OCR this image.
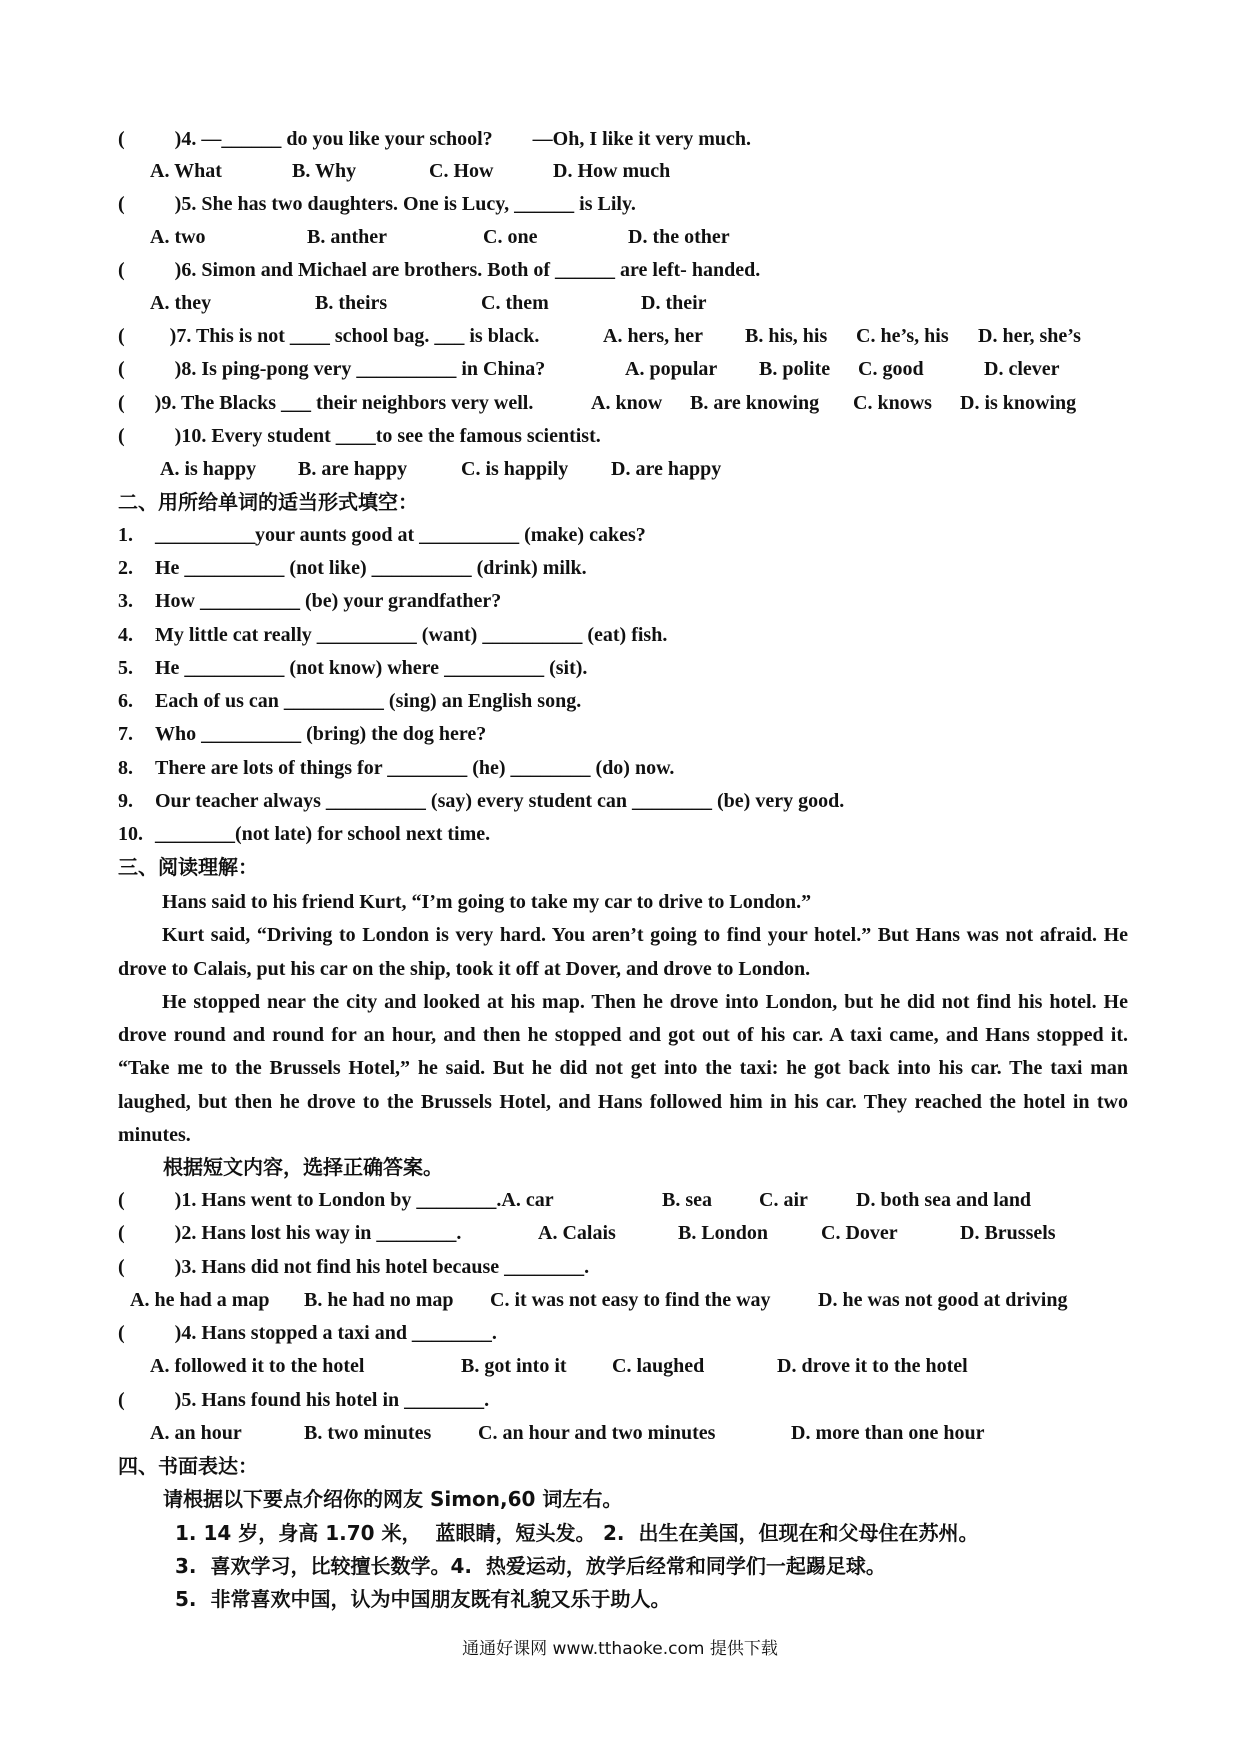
(          )4. —______ do you like your school?        —Oh, I like it very much.
A. What	B. Why	C. How	D. How much
(          )5. She has two daughters. One is Lucy, ______ is Lily.
A. two	B. anther	C. one	D. the other
(          )6. Simon and Michael are brothers. Both of ______ are left- handed.
A. they	B. theirs	C. them	D. their
(         )7. This is not ____ school bag. ___ is black.	A. hers, her B. his, his C. he’s, his D. her, she’s
(          )8. Is ping-pong very __________ in China?	A. popular B. polite C. good	D. clever
(      )9. The Blacks ___ their neighbors very well.	A. know B. are knowing C. knows D. is knowing
(          )10. Every student ____to see the famous scientist.
A. is happy B. are happy	C. is happily D. are happy
二、用所给单词的适当形式填空：
1. __________your aunts good at __________ (make) cakes?
2. He __________ (not like) __________ (drink) milk.
3. How __________ (be) your grandfather?
4. My little cat really __________ (want) __________ (eat) fish.
5. He __________ (not know) where __________ (sit).
6. Each of us can __________ (sing) an English song.
7. Who __________ (bring) the dog here?
8. There are lots of things for ________ (he) ________ (do) now.
9. Our teacher always __________ (say) every student can ________ (be) very good.
10. ________(not late) for school next time.
三、阅读理解：

Hans said to his friend Kurt, “I’m going to take my car to drive to London.”

Kurt said, “Driving to London is very hard. You aren’t going to find your hotel.” But Hans was not afraid. He drove to Calais, put his car on the ship, took it off at Dover, and drove to London.

He stopped near the city and looked at his map. Then he drove into London, but he did not find his hotel. He drove round and round for an hour, and then he stopped and got out of his car. A taxi came, and Hans stopped it. “Take me to the Brussels Hotel,” he said. But he did not get into the taxi: he got back into his car. The taxi man laughed, but then he drove to the Brussels Hotel, and Hans followed him in his car. They reached the hotel in two minutes.

根据短文内容，选择正确答案。
(          )1. Hans went to London by ________.A. car	B. sea C. air D. both sea and land
(          )2. Hans lost his way in ________.	A. Calais	B. London	C. Dover	D. Brussels
(          )3. Hans did not find his hotel because ________.
A. he had a map B. he had no map C. it was not easy to find the way D. he was not good at driving
(          )4. Hans stopped a taxi and ________.
A. followed it to the hotel	B. got into it C. laughed	D. drove it to the hotel
(          )5. Hans found his hotel in ________.
A. an hour	B. two minutes C. an hour and two minutes	D. more than one hour
四、书面表达：
请根据以下要点介绍你的网友 Simon,60 词左右。
1. 14 岁，身高 1.70 米，  蓝眼睛，短头发。 2.  出生在美国，但现在和父母住在苏州。
3.  喜欢学习，比较擅长数学。4.  热爱运动，放学后经常和同学们一起踢足球。
5.  非常喜欢中国，认为中国朋友既有礼貌又乐于助人。
通通好课网 www.tthaoke.com 提供下载
